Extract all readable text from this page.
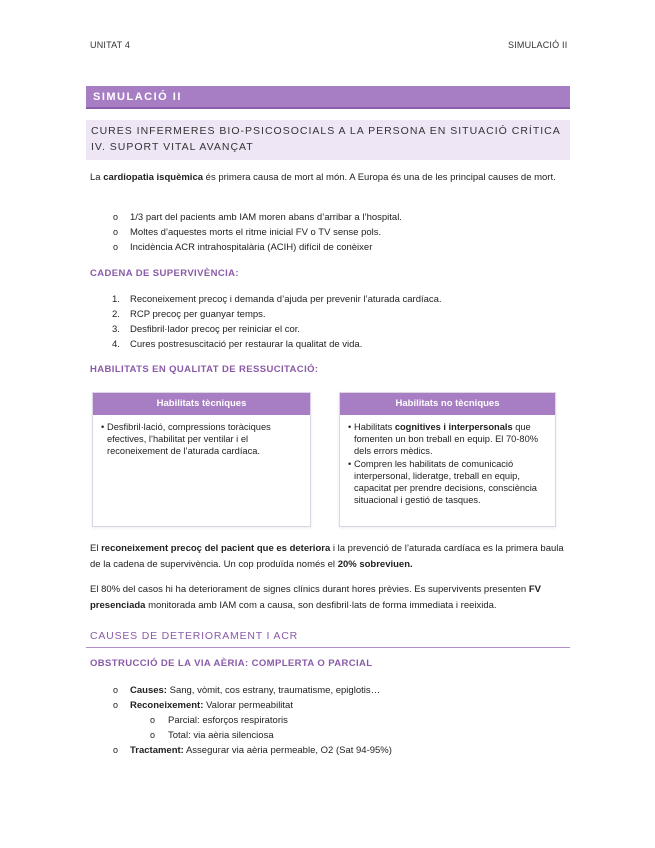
UNITAT 4	SIMULACIÓ II
SIMULACIÓ II
CURES INFERMERES BIO-PSICOSOCIALS A LA PERSONA EN SITUACIÓ CRÍTICA
IV. SUPORT VITAL AVANÇAT
La cardiopatia isquèmica és primera causa de mort al món. A Europa és una de les principal causes de mort.
o 1/3 part del pacients amb IAM moren abans d’arribar a l’hospital.
o Moltes d’aquestes morts el ritme inicial FV o TV sense pols.
o Incidència ACR intrahospitalària (ACIH) difícil de conèixer
CADENA DE SUPERVIVÈNCIA:
1. Reconeixement precoç i demanda d’ajuda per prevenir l’aturada cardíaca.
2. RCP precoç per guanyar temps.
3. Desfibril·lador precoç per reiniciar el cor.
4. Cures postresuscitació per restaurar la qualitat de vida.
HABILITATS EN QUALITAT DE RESSUCITACIÓ:
Habilitats tècniques
• Desfibril·lació, compressions toràciques efectives, l’habilitat per ventilar i el reconeixement de l’aturada cardíaca.
Habilitats no tècniques
• Habilitats cognitives i interpersonals que fomenten un bon treball en equip. El 70-80% dels errors mèdics.
• Compren les habilitats de comunicació interpersonal, lideratge, treball en equip, capacitat per prendre decisions, consciència situacional i gestió de tasques.
El reconeixement precoç del pacient que es deteriora i la prevenció de l’aturada cardíaca es la primera baula de la cadena de supervivència. Un cop produïda només el 20% sobreviuen.
El 80% del casos hi ha deteriorament de signes clínics durant hores prèvies. Es supervivents presenten FV presenciada monitorada amb IAM com a causa, son desfibril·lats de forma immediata i reeixida.
CAUSES DE DETERIORAMENT I ACR
OBSTRUCCIÓ DE LA VIA AÈRIA: COMPLERTA O PARCIAL
o Causes: Sang, vòmit, cos estrany, traumatisme, epiglotis…
o Reconeixement: Valorar permeabilitat
o Parcial: esforços respiratoris
o Total: via aèria silenciosa
o Tractament: Assegurar via aèria permeable, O2 (Sat 94-95%)
